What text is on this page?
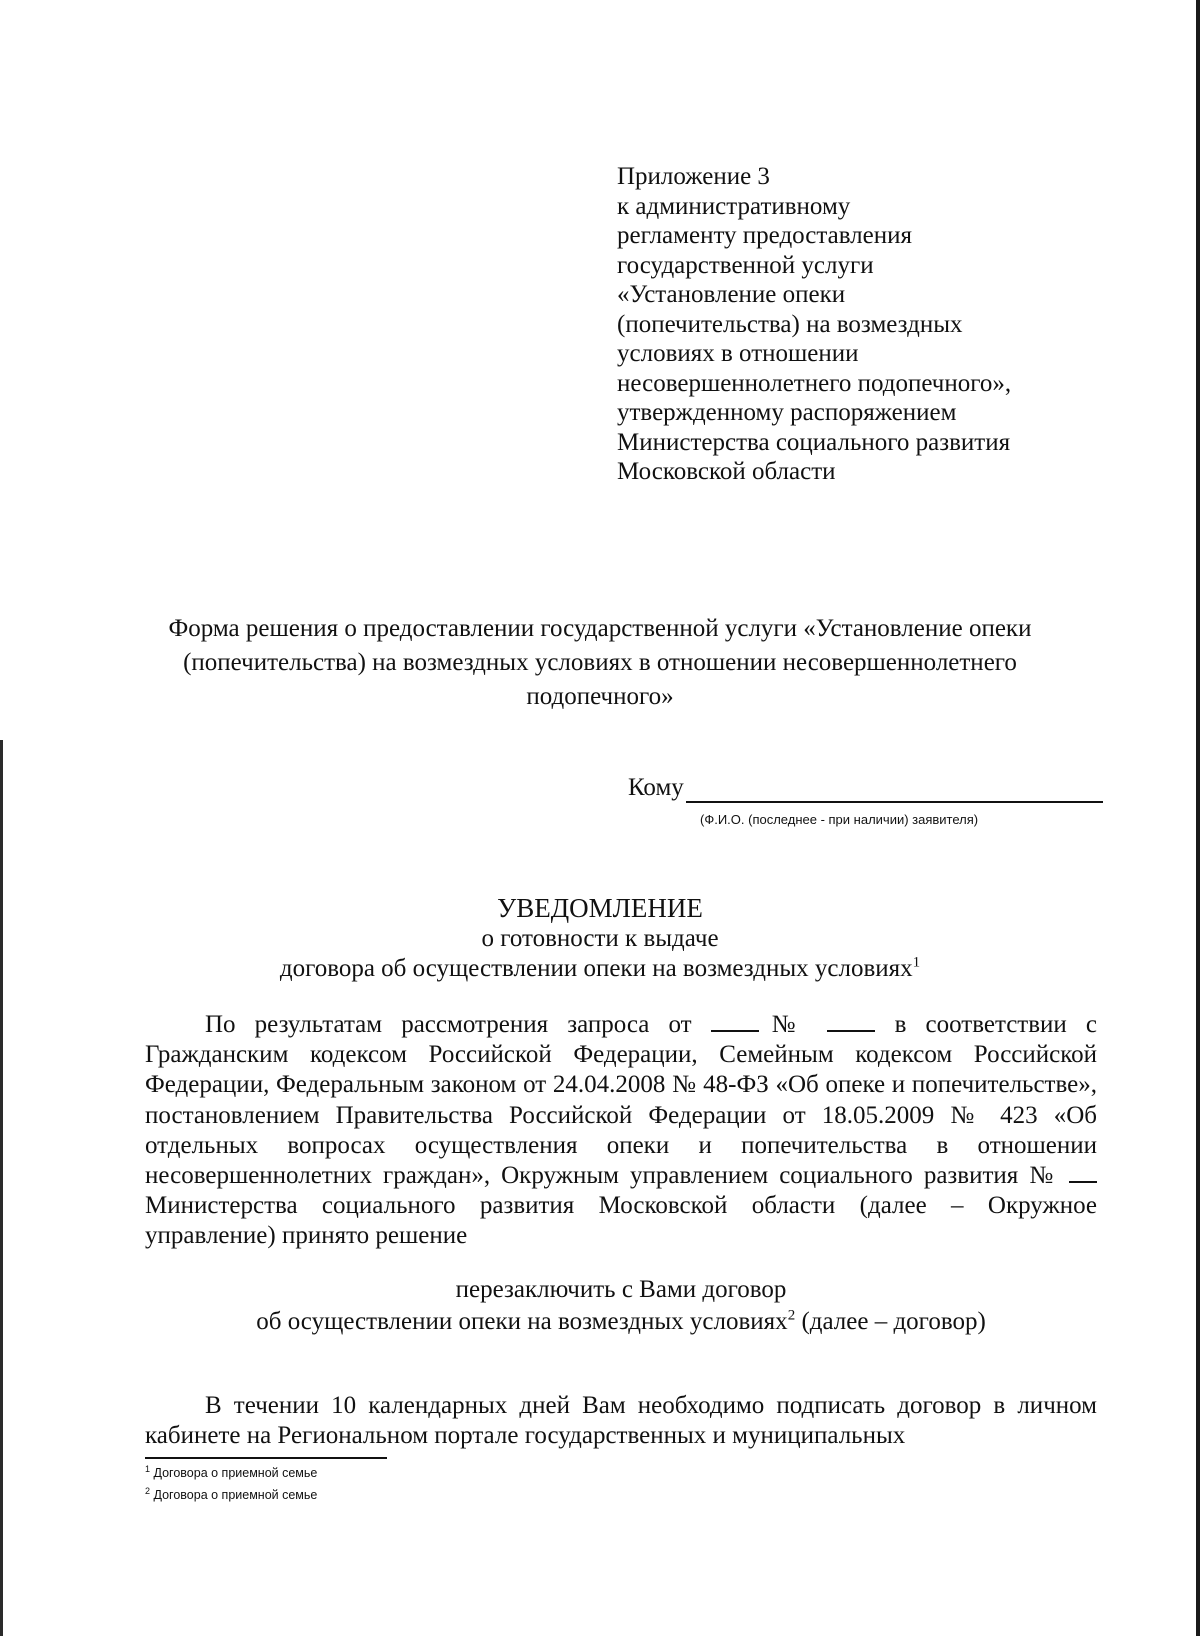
Приложение 3
к административному
регламенту предоставления
государственной услуги
«Установление опеки
(попечительства) на возмездных
условиях в отношении
несовершеннолетнего подопечного»,
утвержденному распоряжением
Министерства социального развития
Московской области
Форма решения о предоставлении государственной услуги «Установление опеки
(попечительства) на возмездных условиях в отношении несовершеннолетнего
подопечного»
Кому
(Ф.И.О. (последнее - при наличии) заявителя)
УВЕДОМЛЕНИЕ
о готовности к выдаче
договора об осуществлении опеки на возмездных условиях$^1$
По результатам рассмотрения запроса от №	в соответствии с Гражданским кодексом Российской Федерации, Семейным кодексом Российской Федерации, Федеральным законом от 24.04.2008 № 48-ФЗ «Об опеке и попечительстве», постановлением Правительства Российской Федерации от 18.05.2009 № 423 «Об отдельных вопросах осуществления опеки и попечительства в отношении несовершеннолетних граждан», Окружным управлением социального развития №  Министерства социального развития Московской области (далее – Окружное управление) принято решение
перезаключить с Вами договор
об осуществлении опеки на возмездных условиях$^2$ (далее – договор)
В течении 10 календарных дней Вам необходимо подписать договор в личном кабинете на Региональном портале государственных и муниципальных
$^1$ Договора о приемной семье
$^2$ Договора о приемной семье
